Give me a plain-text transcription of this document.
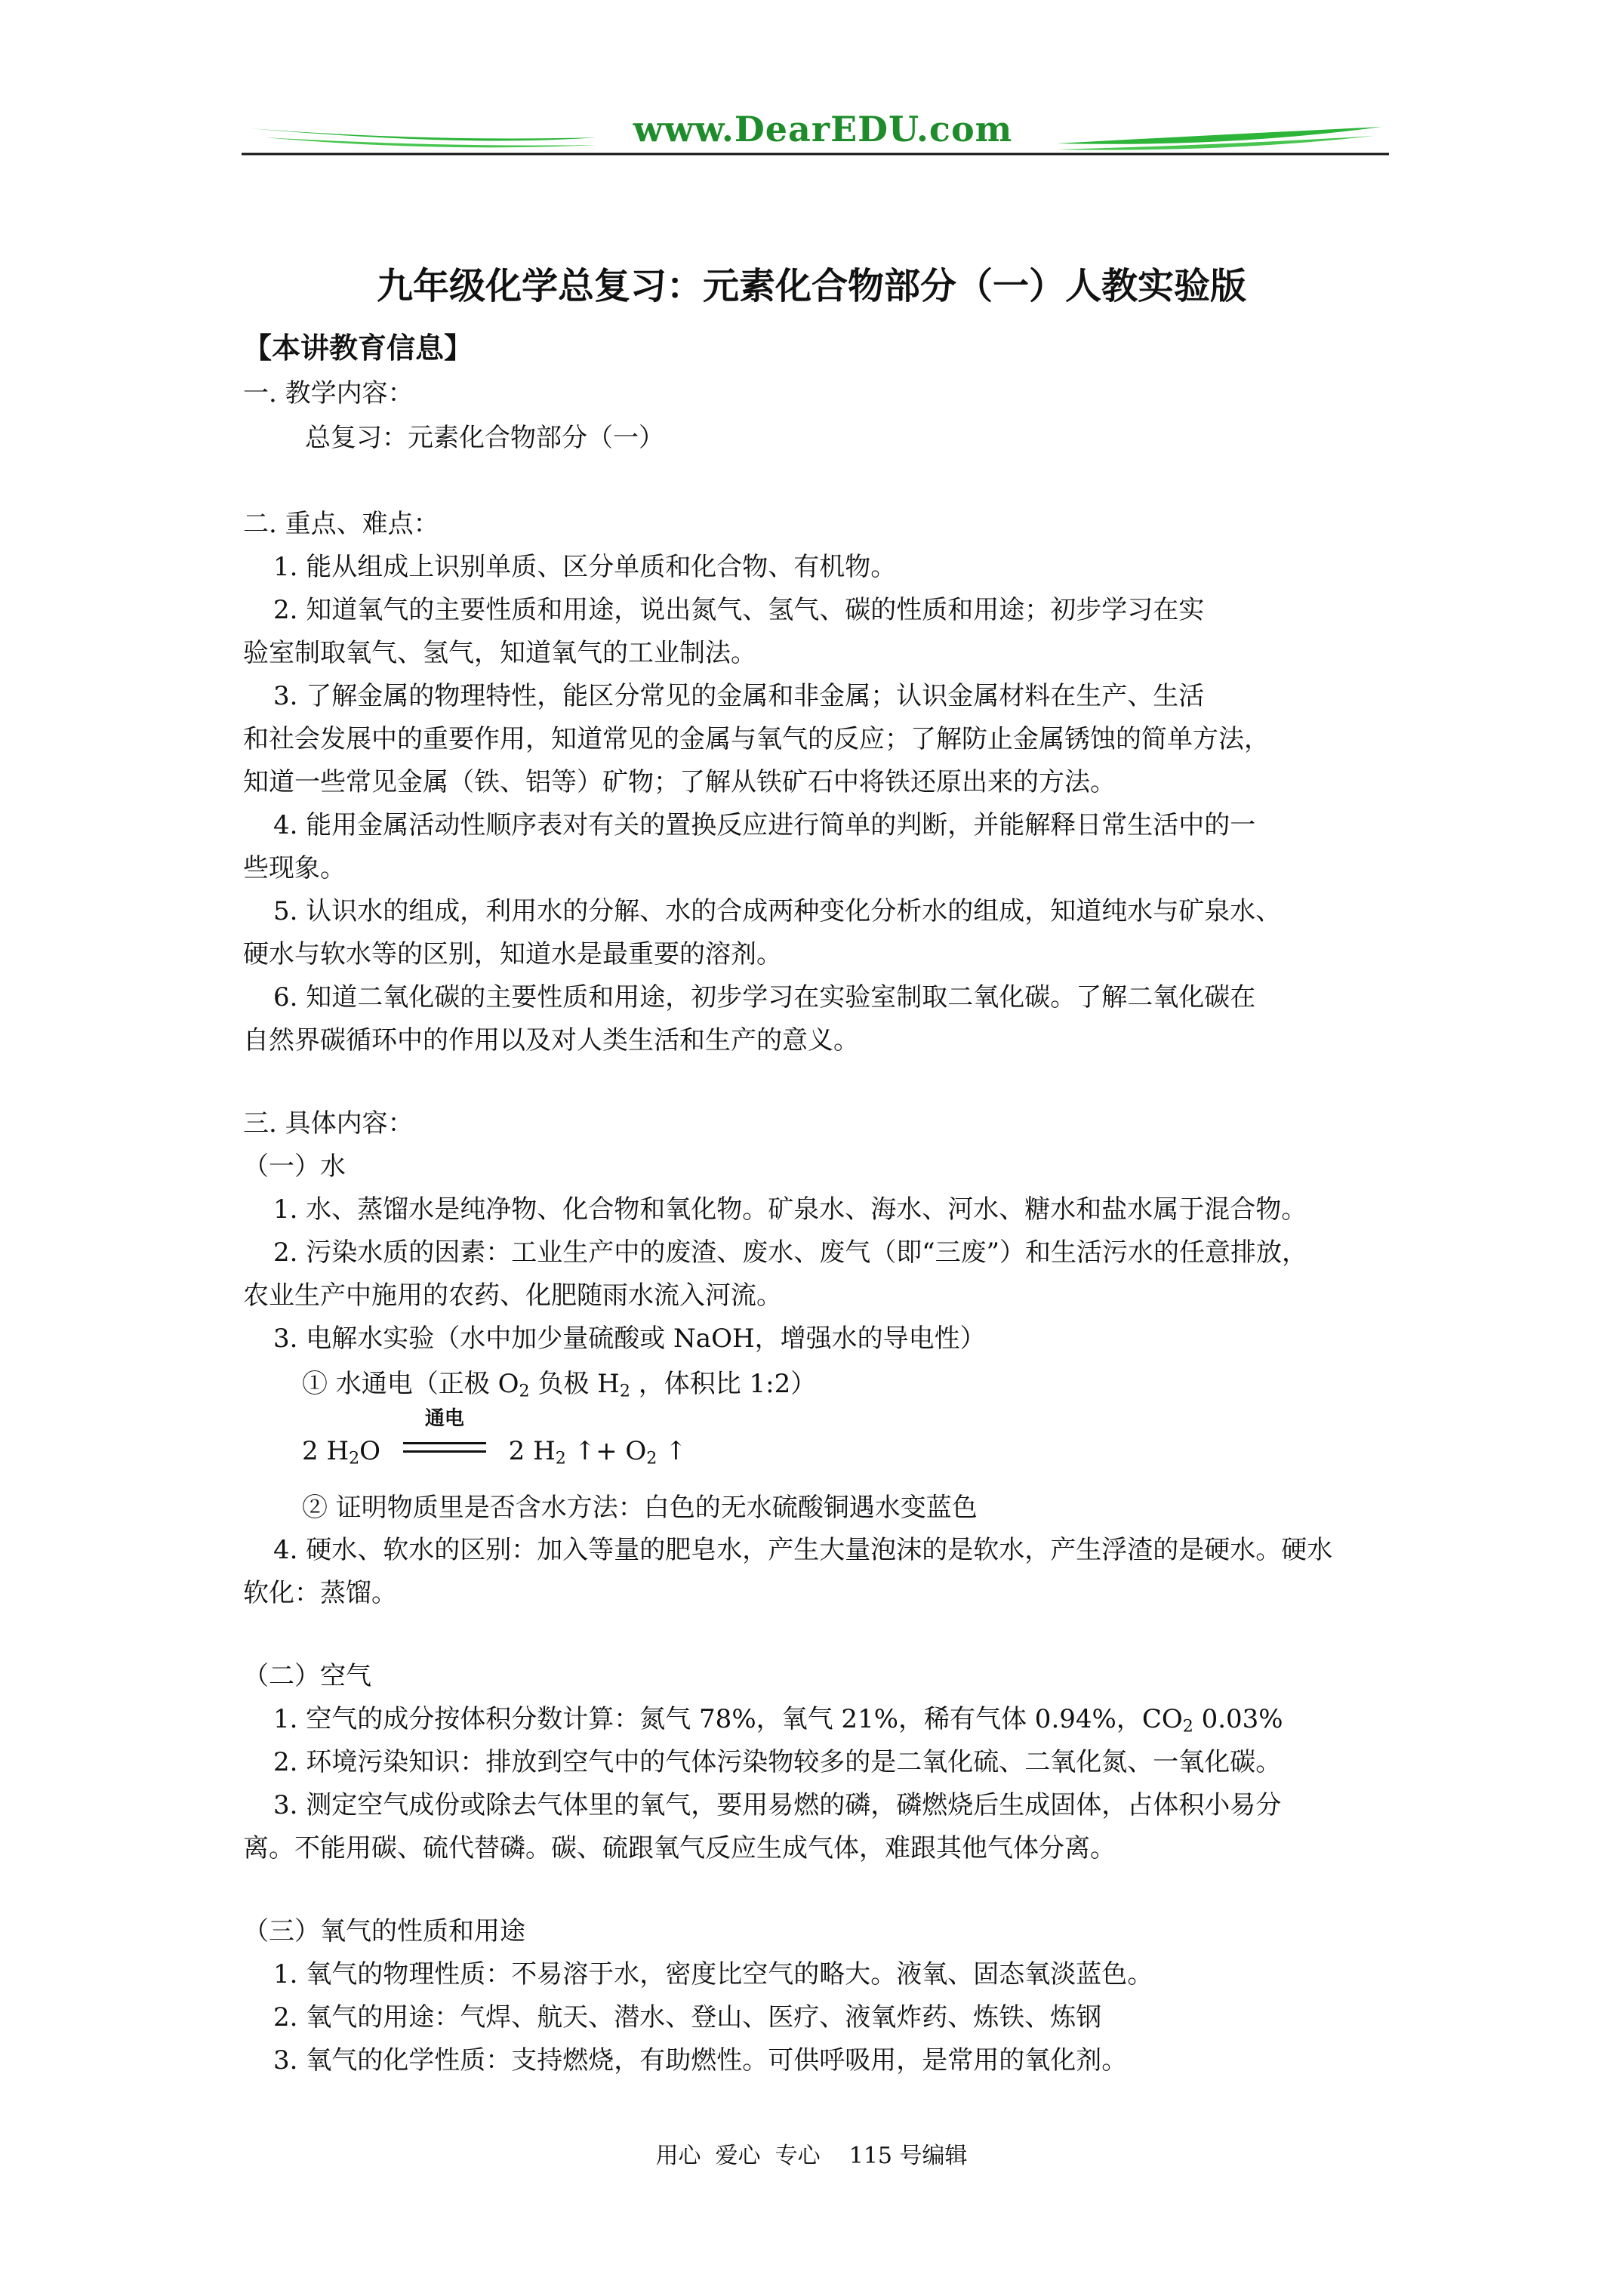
www.DearEDU.com
九年级化学总复习：元素化合物部分（一）人教实验版
【本讲教育信息】
一. 教学内容：
总复习：元素化合物部分（一）
二. 重点、难点：
1. 能从组成上识别单质、区分单质和化合物、有机物。
2. 知道氧气的主要性质和用途，说出氮气、氢气、碳的性质和用途；初步学习在实
验室制取氧气、氢气，知道氧气的工业制法。
3. 了解金属的物理特性，能区分常见的金属和非金属；认识金属材料在生产、生活
和社会发展中的重要作用，知道常见的金属与氧气的反应；了解防止金属锈蚀的简单方法，
知道一些常见金属（铁、铝等）矿物；了解从铁矿石中将铁还原出来的方法。
4. 能用金属活动性顺序表对有关的置换反应进行简单的判断，并能解释日常生活中的一
些现象。
5. 认识水的组成，利用水的分解、水的合成两种变化分析水的组成，知道纯水与矿泉水、
硬水与软水等的区别，知道水是最重要的溶剂。
6. 知道二氧化碳的主要性质和用途，初步学习在实验室制取二氧化碳。了解二氧化碳在
自然界碳循环中的作用以及对人类生活和生产的意义。
三. 具体内容：
（一）水
1. 水、蒸馏水是纯净物、化合物和氧化物。矿泉水、海水、河水、糖水和盐水属于混合物。
2. 污染水质的因素：工业生产中的废渣、废水、废气（即“三废”）和生活污水的任意排放，
农业生产中施用的农药、化肥随雨水流入河流。
3. 电解水实验（水中加少量硫酸或 NaOH，增强水的导电性）
① 水通电（正极 $O_2$ 负极 $H_2$ ，体积比 1:2）
2 $H_2O$
通电
2 $H_2$ ↑+ $O_2$ ↑
② 证明物质里是否含水方法：白色的无水硫酸铜遇水变蓝色
4. 硬水、软水的区别：加入等量的肥皂水，产生大量泡沫的是软水，产生浮渣的是硬水。硬水
软化：蒸馏。
（二）空气
1. 空气的成分按体积分数计算：氮气 78%，氧气 21%，稀有气体 0.94%，$CO_2$ 0.03%
2. 环境污染知识：排放到空气中的气体污染物较多的是二氧化硫、二氧化氮、一氧化碳。
3. 测定空气成份或除去气体里的氧气，要用易燃的磷，磷燃烧后生成固体，占体积小易分
离。不能用碳、硫代替磷。碳、硫跟氧气反应生成气体，难跟其他气体分离。
（三）氧气的性质和用途
1. 氧气的物理性质：不易溶于水，密度比空气的略大。液氧、固态氧淡蓝色。
2. 氧气的用途：气焊、航天、潜水、登山、医疗、液氧炸药、炼铁、炼钢
3. 氧气的化学性质：支持燃烧，有助燃性。可供呼吸用，是常用的氧化剂。
用心  爱心  专心    115 号编辑
